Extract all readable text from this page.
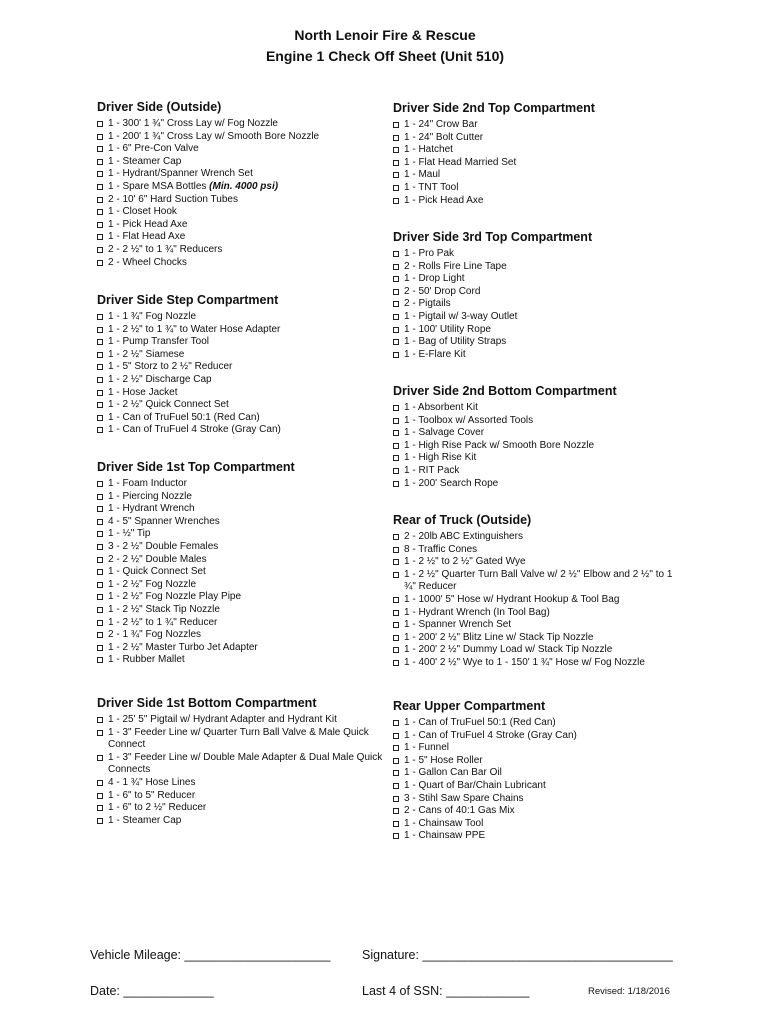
North Lenoir Fire & Rescue
Engine 1 Check Off Sheet (Unit 510)
Driver Side (Outside)
1 - 300' 1 ¾" Cross Lay w/ Fog Nozzle
1 - 200' 1 ¾" Cross Lay w/ Smooth Bore Nozzle
1 - 6" Pre-Con Valve
1 - Steamer Cap
1 - Hydrant/Spanner Wrench Set
1 - Spare MSA Bottles (Min. 4000 psi)
2 - 10' 6" Hard Suction Tubes
1 - Closet Hook
1 - Pick Head Axe
1 - Flat Head Axe
2 - 2 ½" to 1 ¾" Reducers
2 - Wheel Chocks
Driver Side Step Compartment
1 - 1 ¾" Fog Nozzle
1 - 2 ½" to 1 ¾" to Water Hose Adapter
1 - Pump Transfer Tool
1 - 2 ½" Siamese
1 - 5" Storz to 2 ½" Reducer
1 - 2 ½" Discharge Cap
1 - Hose Jacket
1 - 2 ½" Quick Connect Set
1 - Can of TruFuel 50:1 (Red Can)
1 - Can of TruFuel 4 Stroke (Gray Can)
Driver Side 1st Top Compartment
1 - Foam Inductor
1 - Piercing Nozzle
1 - Hydrant Wrench
4 - 5" Spanner Wrenches
1 - ½" Tip
3 - 2 ½" Double Females
2 - 2 ½" Double Males
1 - Quick Connect Set
1 - 2 ½" Fog Nozzle
1 - 2 ½" Fog Nozzle Play Pipe
1 - 2 ½" Stack Tip Nozzle
1 - 2 ½" to 1 ¾" Reducer
2 - 1 ¾" Fog Nozzles
1 - 2 ½" Master Turbo Jet Adapter
1 - Rubber Mallet
Driver Side 1st Bottom Compartment
1 - 25' 5" Pigtail w/ Hydrant Adapter and Hydrant Kit
1 - 3" Feeder Line w/ Quarter Turn Ball Valve & Male Quick Connect
1 - 3" Feeder Line w/ Double Male Adapter & Dual Male Quick Connects
4 - 1 ¾" Hose Lines
1 - 6" to 5" Reducer
1 - 6" to 2 ½" Reducer
1 - Steamer Cap
Driver Side 2nd Top Compartment
1 - 24" Crow Bar
1 - 24" Bolt Cutter
1 - Hatchet
1 - Flat Head Married Set
1 - Maul
1 - TNT Tool
1 - Pick Head Axe
Driver Side 3rd Top Compartment
1 - Pro Pak
2 - Rolls Fire Line Tape
1 - Drop Light
2 - 50' Drop Cord
2 - Pigtails
1 - Pigtail w/ 3-way Outlet
1 - 100' Utility Rope
1 - Bag of Utility Straps
1 - E-Flare Kit
Driver Side 2nd Bottom Compartment
1 - Absorbent Kit
1 - Toolbox w/ Assorted Tools
1 - Salvage Cover
1 - High Rise Pack w/ Smooth Bore Nozzle
1 - High Rise Kit
1 - RIT Pack
1 - 200' Search Rope
Rear of Truck (Outside)
2 - 20lb ABC Extinguishers
8 - Traffic Cones
1 - 2 ½" to 2 ½" Gated Wye
1 - 2 ½" Quarter Turn Ball Valve w/ 2 ½" Elbow and 2 ½" to 1 ¾" Reducer
1 - 1000' 5" Hose w/ Hydrant Hookup & Tool Bag
1 - Hydrant Wrench (In Tool Bag)
1 - Spanner Wrench Set
1 - 200' 2 ½" Blitz Line w/ Stack Tip Nozzle
1 - 200' 2 ½" Dummy Load w/ Stack Tip Nozzle
1 - 400' 2 ½" Wye to 1 - 150' 1 ¾" Hose w/ Fog Nozzle
Rear Upper Compartment
1 - Can of TruFuel 50:1 (Red Can)
1 - Can of TruFuel 4 Stroke (Gray Can)
1 - Funnel
1 - 5" Hose Roller
1 - Gallon Can Bar Oil
1 - Quart of Bar/Chain Lubricant
3 - Stihl Saw Spare Chains
2 - Cans of 40:1 Gas Mix
1 - Chainsaw Tool
1 - Chainsaw PPE
Vehicle Mileage: _____________________	Signature: ____________________________________
Date: _____________	Last 4 of SSN: ____________	Revised: 1/18/2016
